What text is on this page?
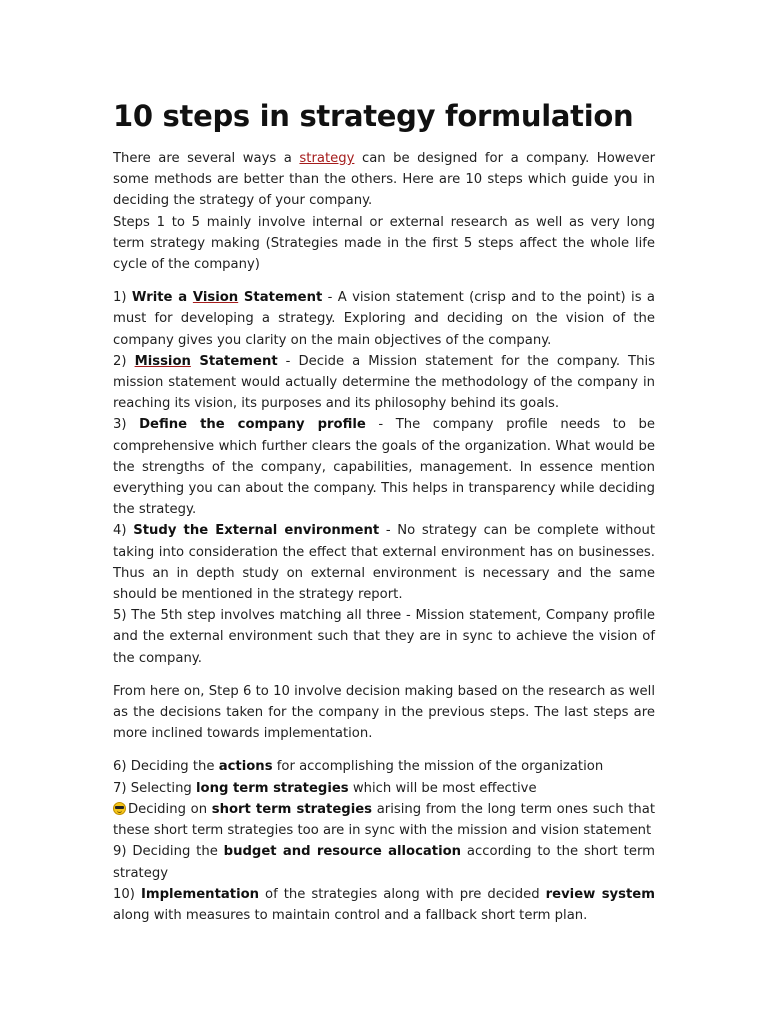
10 steps in strategy formulation

There are several ways a strategy can be designed for a company. However some methods are better than the others. Here are 10 steps which guide you in deciding the strategy of your company.

Steps 1 to 5 mainly involve internal or external research as well as very long term strategy making (Strategies made in the first 5 steps affect the whole life cycle of the company)

1) Write a Vision Statement - A vision statement (crisp and to the point) is a must for developing a strategy. Exploring and deciding on the vision of the company gives you clarity on the main objectives of the company.

2) Mission Statement - Decide a Mission statement for the company. This mission statement would actually determine the methodology of the company in reaching its vision, its purposes and its philosophy behind its goals.

3) Define the company profile - The company profile needs to be comprehensive which further clears the goals of the organization. What would be the strengths of the company, capabilities, management. In essence mention everything you can about the company. This helps in transparency while deciding the strategy.

4) Study the External environment - No strategy can be complete without taking into consideration the effect that external environment has on businesses. Thus an in depth study on external environment is necessary and the same should be mentioned in the strategy report.

5) The 5th step involves matching all three - Mission statement, Company profile and the external environment such that they are in sync to achieve the vision of the company.

From here on, Step 6 to 10 involve decision making based on the research as well as the decisions taken for the company in the previous steps. The last steps are more inclined towards implementation.

6) Deciding the actions for accomplishing the mission of the organization

7) Selecting long term strategies which will be most effective

Deciding on short term strategies arising from the long term ones such that these short term strategies too are in sync with the mission and vision statement

9) Deciding the budget and resource allocation according to the short term strategy

10) Implementation of the strategies along with pre decided review system along with measures to maintain control and a fallback short term plan.
